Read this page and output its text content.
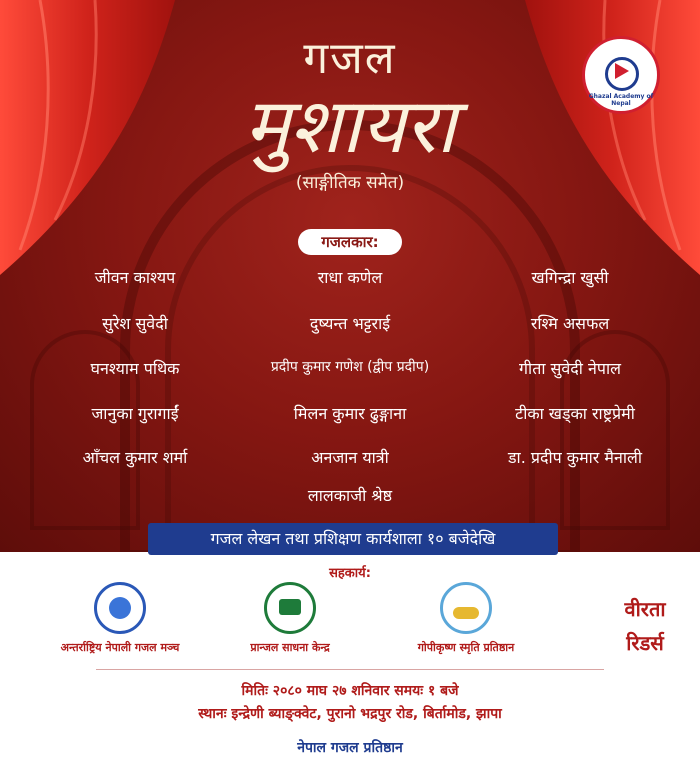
गजल
मुशायरा
(साङ्गीतिक समेत)
Ghazal Academy of Nepal
गजलकार:
जीवन काश्यप	राधा कणेल	खगिन्द्रा खुसी
सुरेश सुवेदी	दुष्यन्त भट्टराई	रश्मि असफल
घनश्याम पथिक	प्रदीप कुमार गणेश (द्वीप प्रदीप)	गीता सुवेदी नेपाल
जानुका गुरागाईं	मिलन कुमार ढुङ्गाना	टीका खड्का राष्ट्रप्रेमी
आँचल कुमार शर्मा	अनजान यात्री	डा. प्रदीप कुमार मैनाली
लालकाजी श्रेष्ठ
गजल लेखन तथा प्रशिक्षण कार्यशाला १० बजेदेखि
सहकार्य:
अन्तर्राष्ट्रिय नेपाली गजल मञ्च	प्रान्जल साधना केन्द्र	गोपीकृष्ण स्मृति प्रतिष्ठान
वीरता
रिडर्स
मितिः २०८० माघ २७ शनिवार समयः १ बजे
स्थानः इन्द्रेणी ब्याङ्क्वेट, पुरानो भद्रपुर रोड, बिर्तामोड, झापा
नेपाल गजल प्रतिष्ठान
